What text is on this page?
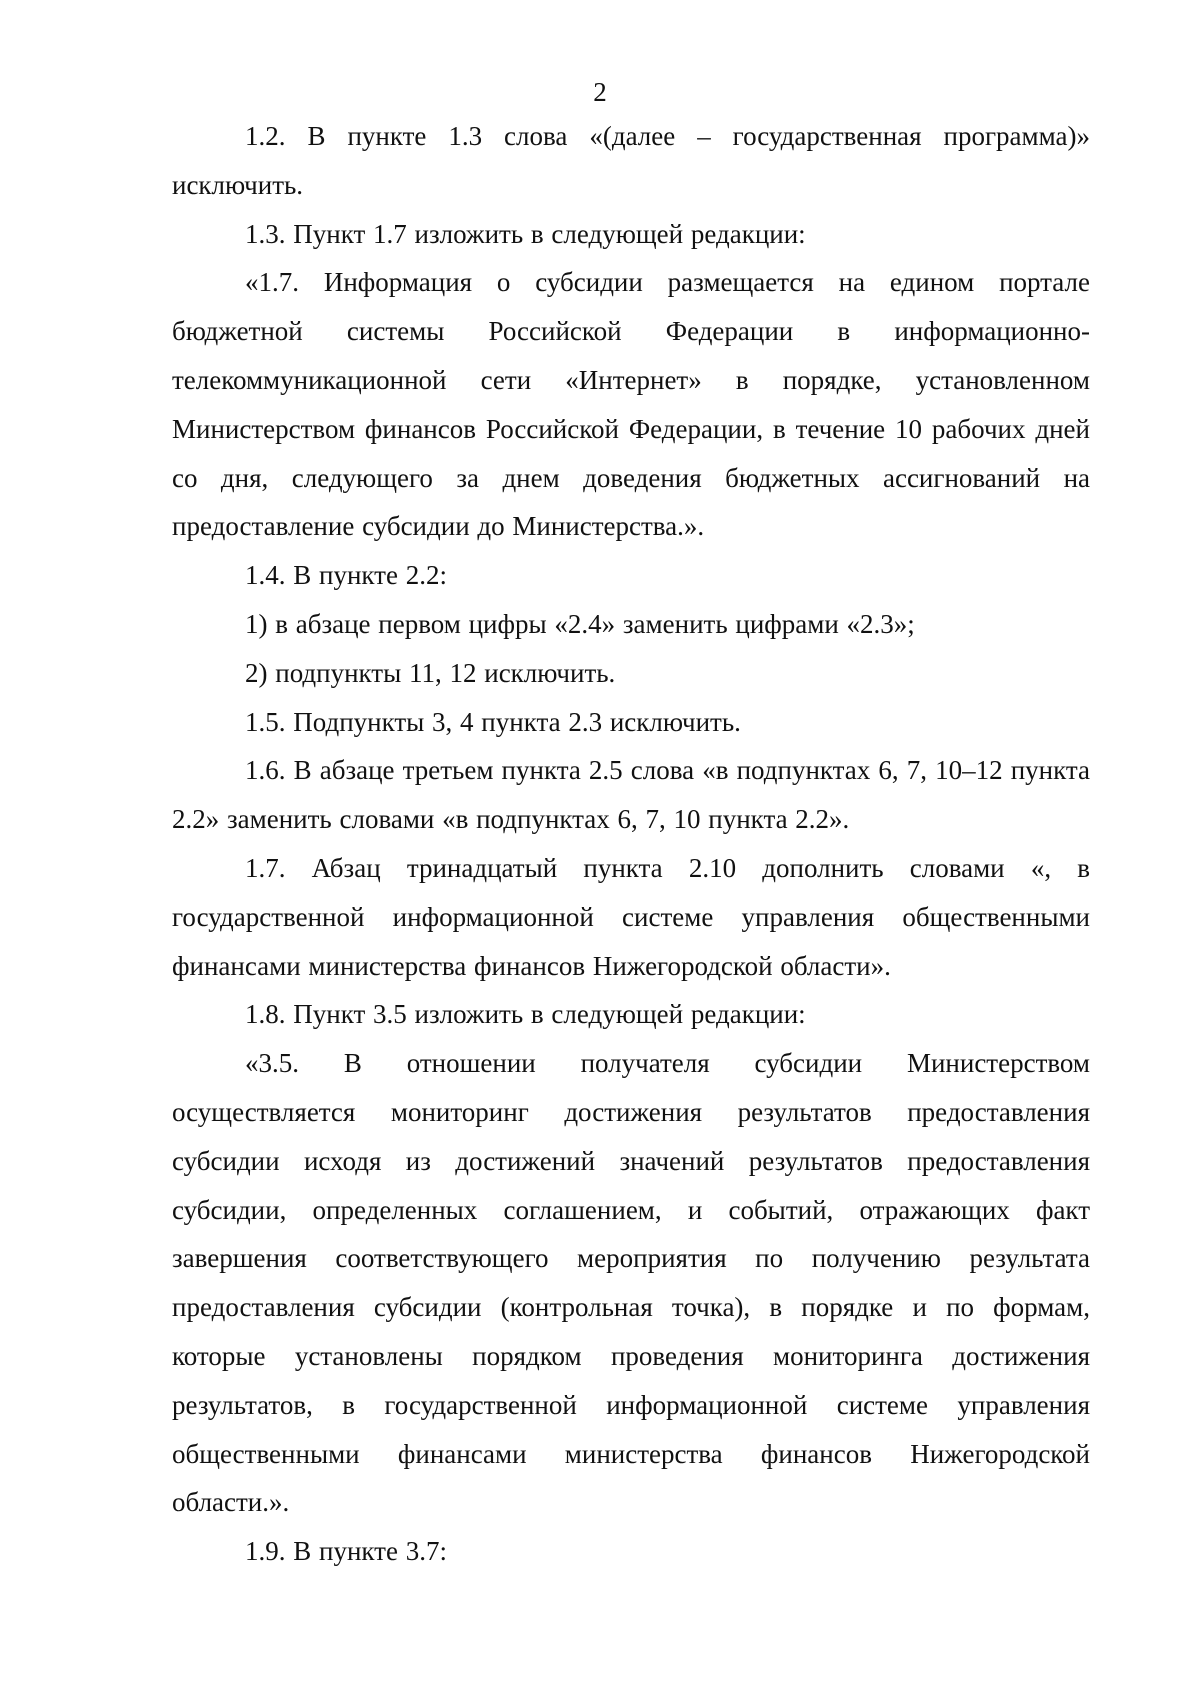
2

1.2. В пункте 1.3 слова «(далее – государственная программа)» исключить.

1.3. Пункт 1.7 изложить в следующей редакции:

«1.7. Информация о субсидии размещается на едином портале бюджетной системы Российской Федерации в информационно-телекоммуникационной сети «Интернет» в порядке, установленном Министерством финансов Российской Федерации, в течение 10 рабочих дней со дня, следующего за днем доведения бюджетных ассигнований на предоставление субсидии до Министерства.».

1.4. В пункте 2.2:

1) в абзаце первом цифры «2.4» заменить цифрами «2.3»;

2) подпункты 11, 12 исключить.

1.5. Подпункты 3, 4 пункта 2.3 исключить.

1.6. В абзаце третьем пункта 2.5 слова «в подпунктах 6, 7, 10–12 пункта 2.2» заменить словами «в подпунктах 6, 7, 10 пункта 2.2».

1.7. Абзац тринадцатый пункта 2.10 дополнить словами «, в государственной информационной системе управления общественными финансами министерства финансов Нижегородской области».

1.8. Пункт 3.5 изложить в следующей редакции:

«3.5. В отношении получателя субсидии Министерством осуществляется мониторинг достижения результатов предоставления субсидии исходя из достижений значений результатов предоставления субсидии, определенных соглашением, и событий, отражающих факт завершения соответствующего мероприятия по получению результата предоставления субсидии (контрольная точка), в порядке и по формам, которые установлены порядком проведения мониторинга достижения результатов, в государственной информационной системе управления общественными финансами министерства финансов Нижегородской области.».

1.9. В пункте 3.7:
